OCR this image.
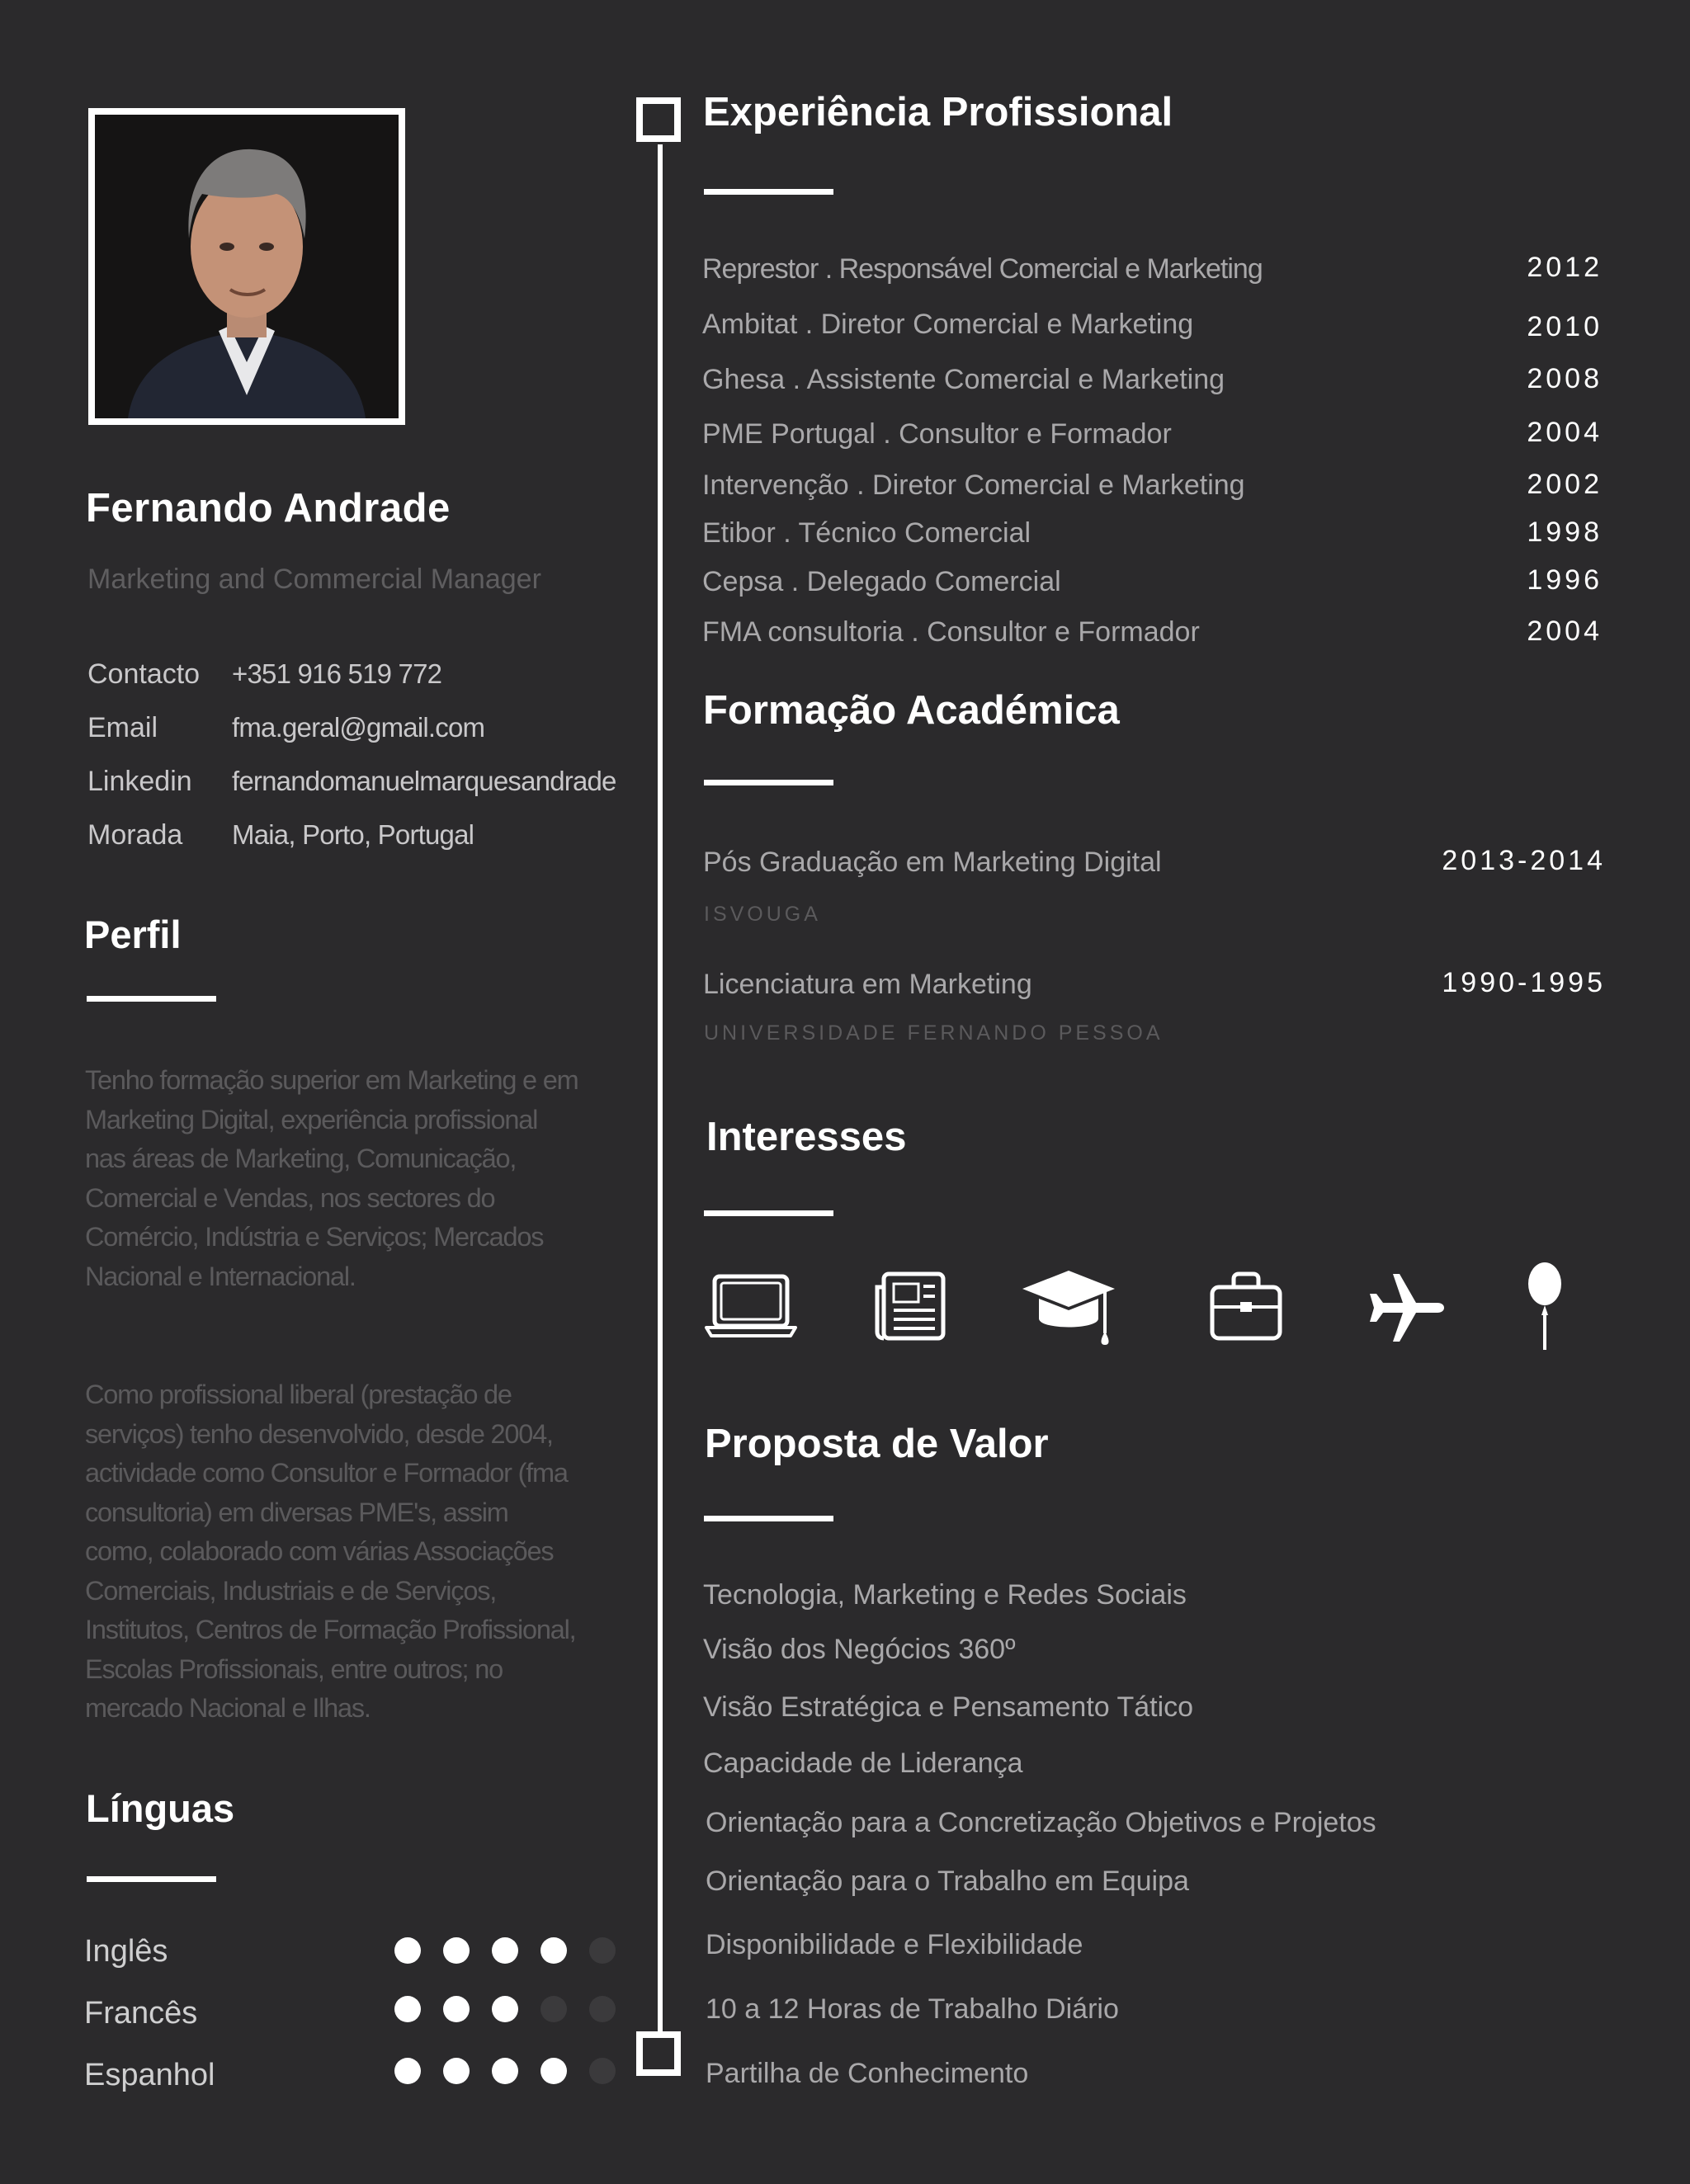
Fernando Andrade
Marketing and Commercial Manager
Contacto +351 916 519 772
Email	fma.geral@gmail.com
Linkedin fernandomanuelmarquesandrade
Morada Maia, Porto, Portugal
Perfil
Tenho formação superior em Marketing e em Marketing Digital, experiência profissional nas áreas de Marketing, Comunicação, Comercial e Vendas, nos sectores do Comércio, Indústria e Serviços; Mercados Nacional e Internacional.
Como profissional liberal (prestação de serviços) tenho desenvolvido, desde 2004, actividade como Consultor e Formador (fma consultoria) em diversas PME's, assim como, colaborado com várias Associações Comerciais, Industriais e de Serviços, Institutos, Centros de Formação Profissional, Escolas Profissionais, entre outros; no mercado Nacional e Ilhas.
Línguas
Inglês
Francês
Espanhol
Experiência Profissional
Represtor . Responsável Comercial e Marketing	2012
Ambitat . Diretor Comercial e Marketing	2010
Ghesa . Assistente Comercial e Marketing	2008
PME Portugal . Consultor e Formador	2004
Intervenção . Diretor Comercial e Marketing	2002
Etibor . Técnico Comercial	1998
Cepsa . Delegado Comercial	1996
FMA consultoria . Consultor e Formador	2004
Formação Académica
Pós Graduação em Marketing Digital	2013-2014
ISVOUGA
Licenciatura em Marketing	1990-1995
UNIVERSIDADE FERNANDO PESSOA
Interesses
Proposta de Valor
Tecnologia, Marketing e Redes Sociais
Visão dos Negócios 360º
Visão Estratégica e Pensamento Tático
Capacidade de Liderança
Orientação para a Concretização Objetivos e Projetos
Orientação para o Trabalho em Equipa
Disponibilidade e Flexibilidade
10 a 12 Horas de Trabalho Diário
Partilha de Conhecimento
